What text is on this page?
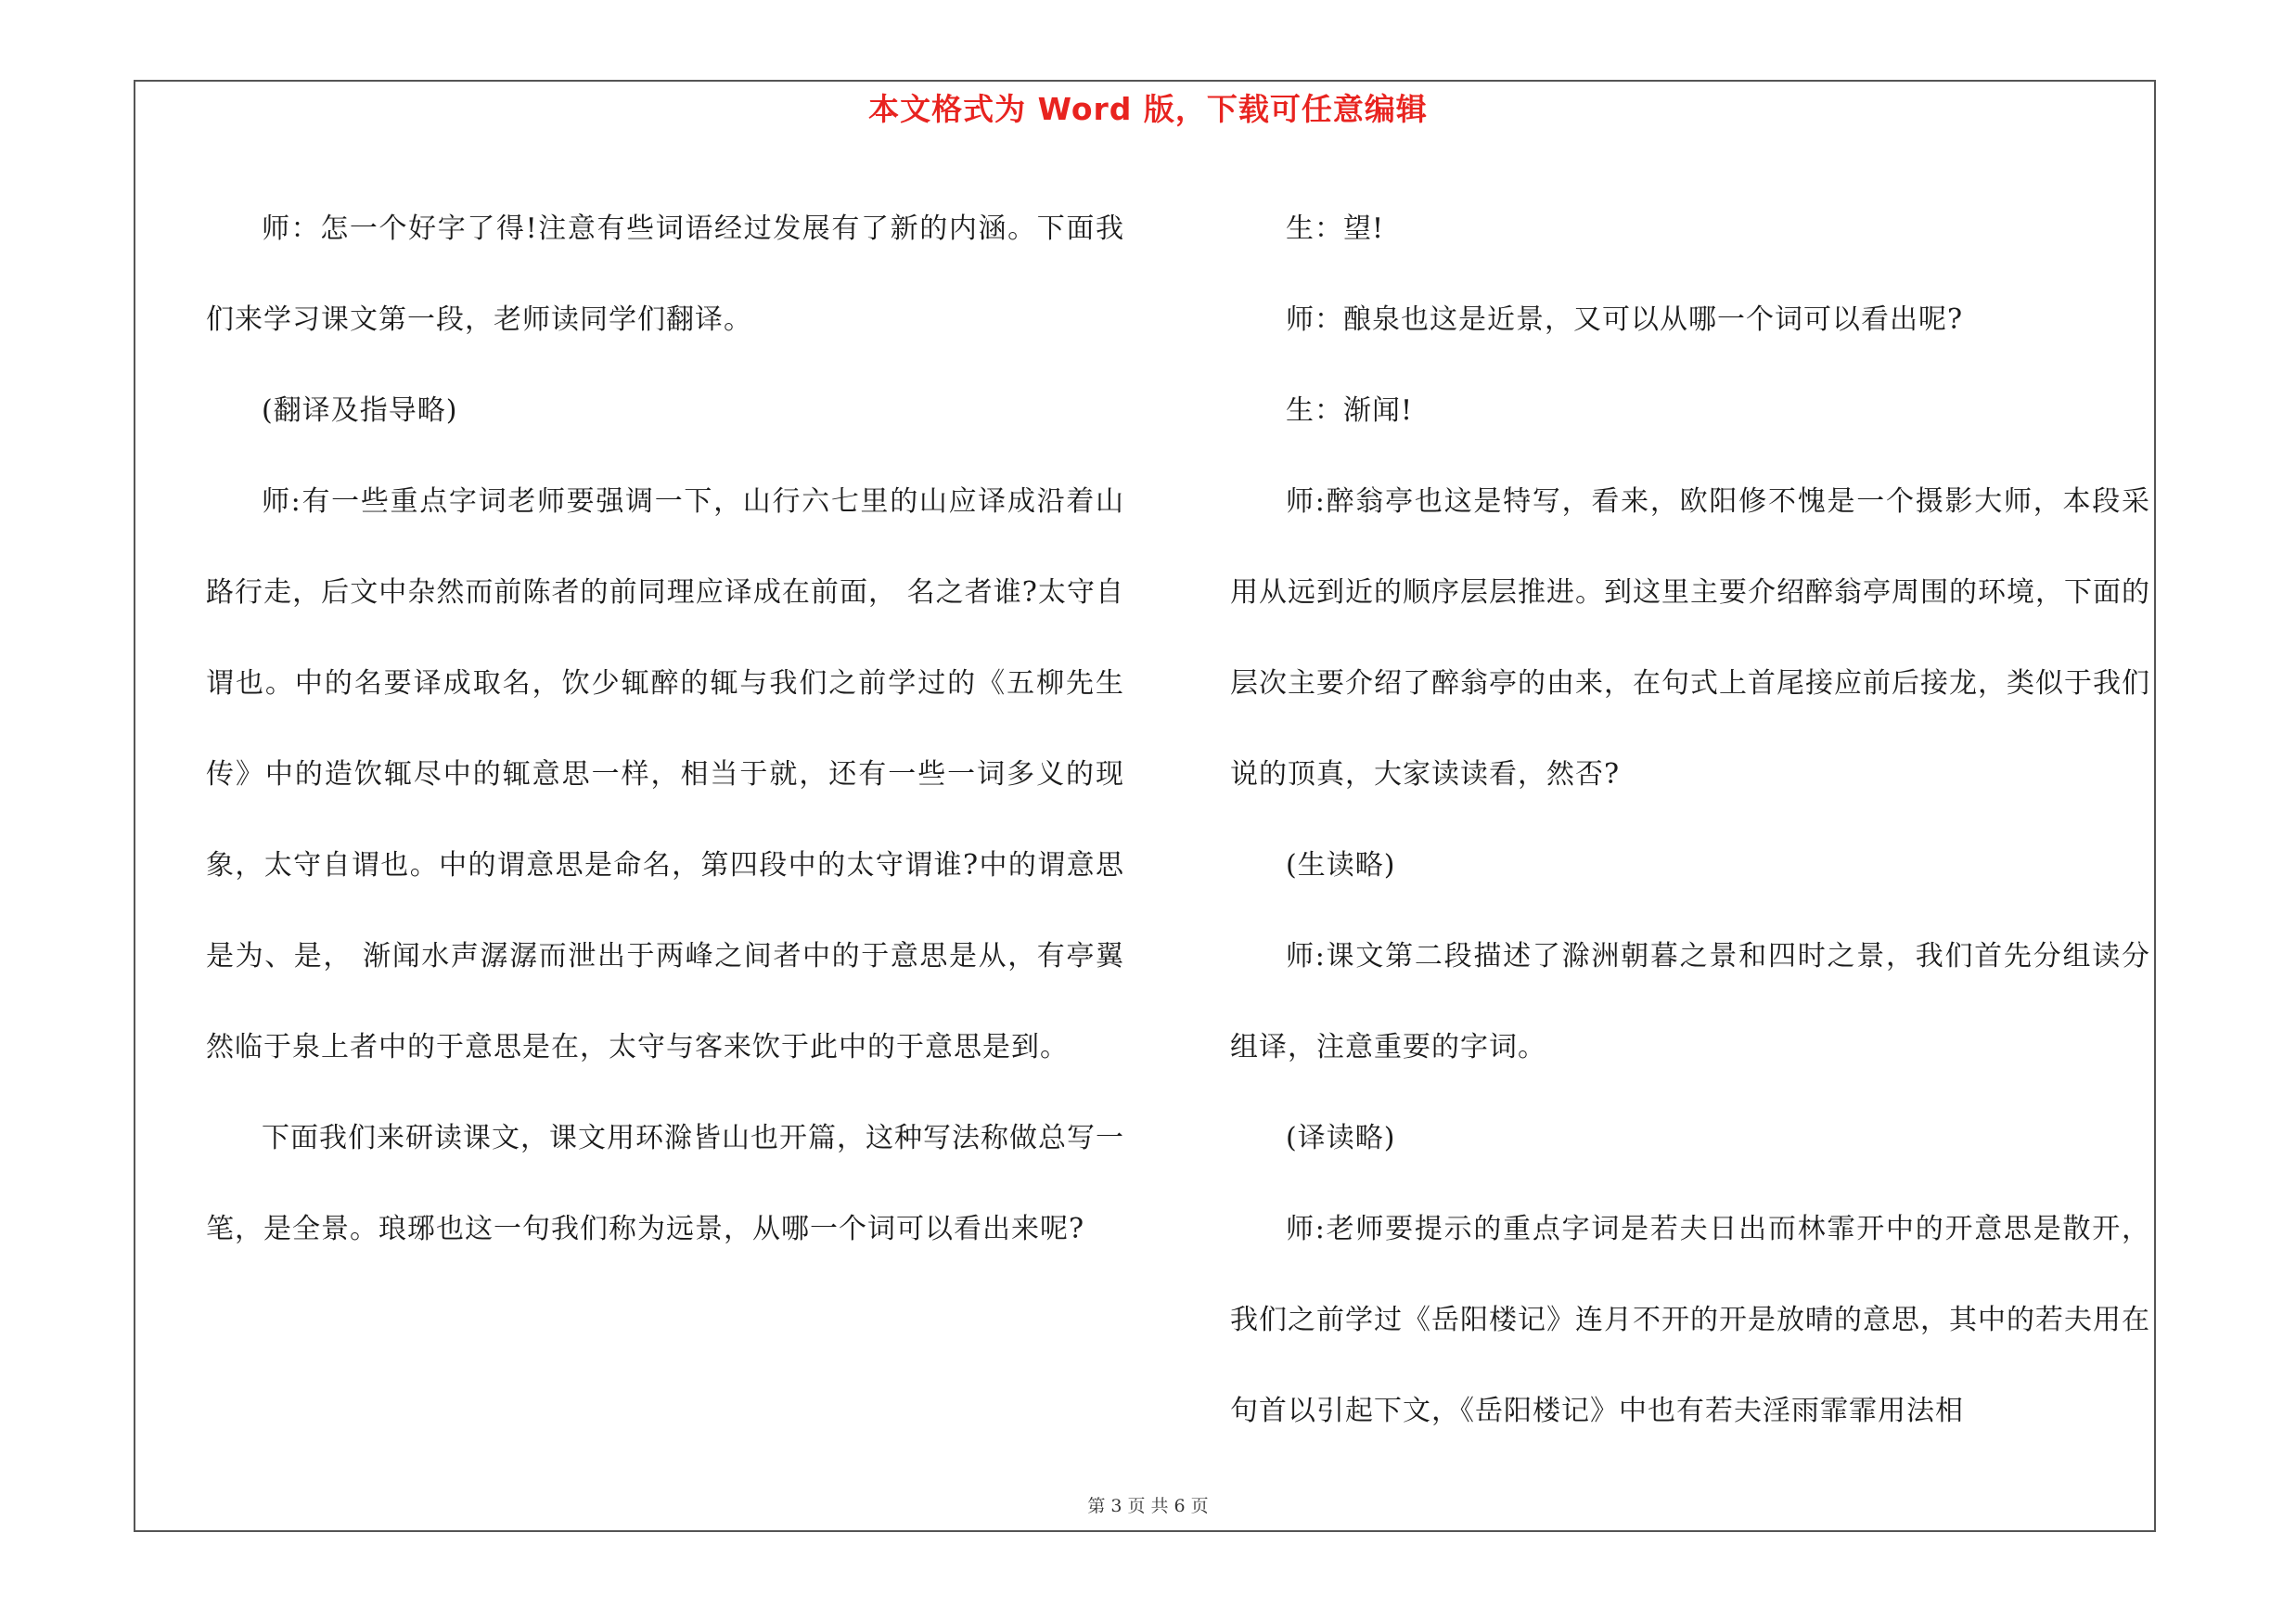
本文格式为 Word 版，下载可任意编辑

师：怎一个好字了得!注意有些词语经过发展有了新的内涵。下面我们来学习课文第一段，老师读同学们翻译。

(翻译及指导略)

师:有一些重点字词老师要强调一下，山行六七里的山应译成沿着山路行走，后文中杂然而前陈者的前同理应译成在前面， 名之者谁?太守自谓也。中的名要译成取名，饮少辄醉的辄与我们之前学过的《五柳先生传》中的造饮辄尽中的辄意思一样，相当于就，还有一些一词多义的现象，太守自谓也。中的谓意思是命名，第四段中的太守谓谁?中的谓意思是为、是， 渐闻水声潺潺而泄出于两峰之间者中的于意思是从，有亭翼然临于泉上者中的于意思是在，太守与客来饮于此中的于意思是到。

下面我们来研读课文，课文用环滁皆山也开篇，这种写法称做总写一笔，是全景。琅琊也这一句我们称为远景，从哪一个词可以看出来呢?

生：望!

师：酿泉也这是近景，又可以从哪一个词可以看出呢?

生：渐闻!

师:醉翁亭也这是特写，看来，欧阳修不愧是一个摄影大师，本段采用从远到近的顺序层层推进。到这里主要介绍醉翁亭周围的环境，下面的层次主要介绍了醉翁亭的由来，在句式上首尾接应前后接龙，类似于我们说的顶真，大家读读看，然否?

(生读略)

师:课文第二段描述了滁洲朝暮之景和四时之景，我们首先分组读分组译，注意重要的字词。

(译读略)

师:老师要提示的重点字词是若夫日出而林霏开中的开意思是散开，我们之前学过《岳阳楼记》连月不开的开是放晴的意思，其中的若夫用在句首以引起下文，《岳阳楼记》中也有若夫淫雨霏霏用法相

第 3 页 共 6 页
